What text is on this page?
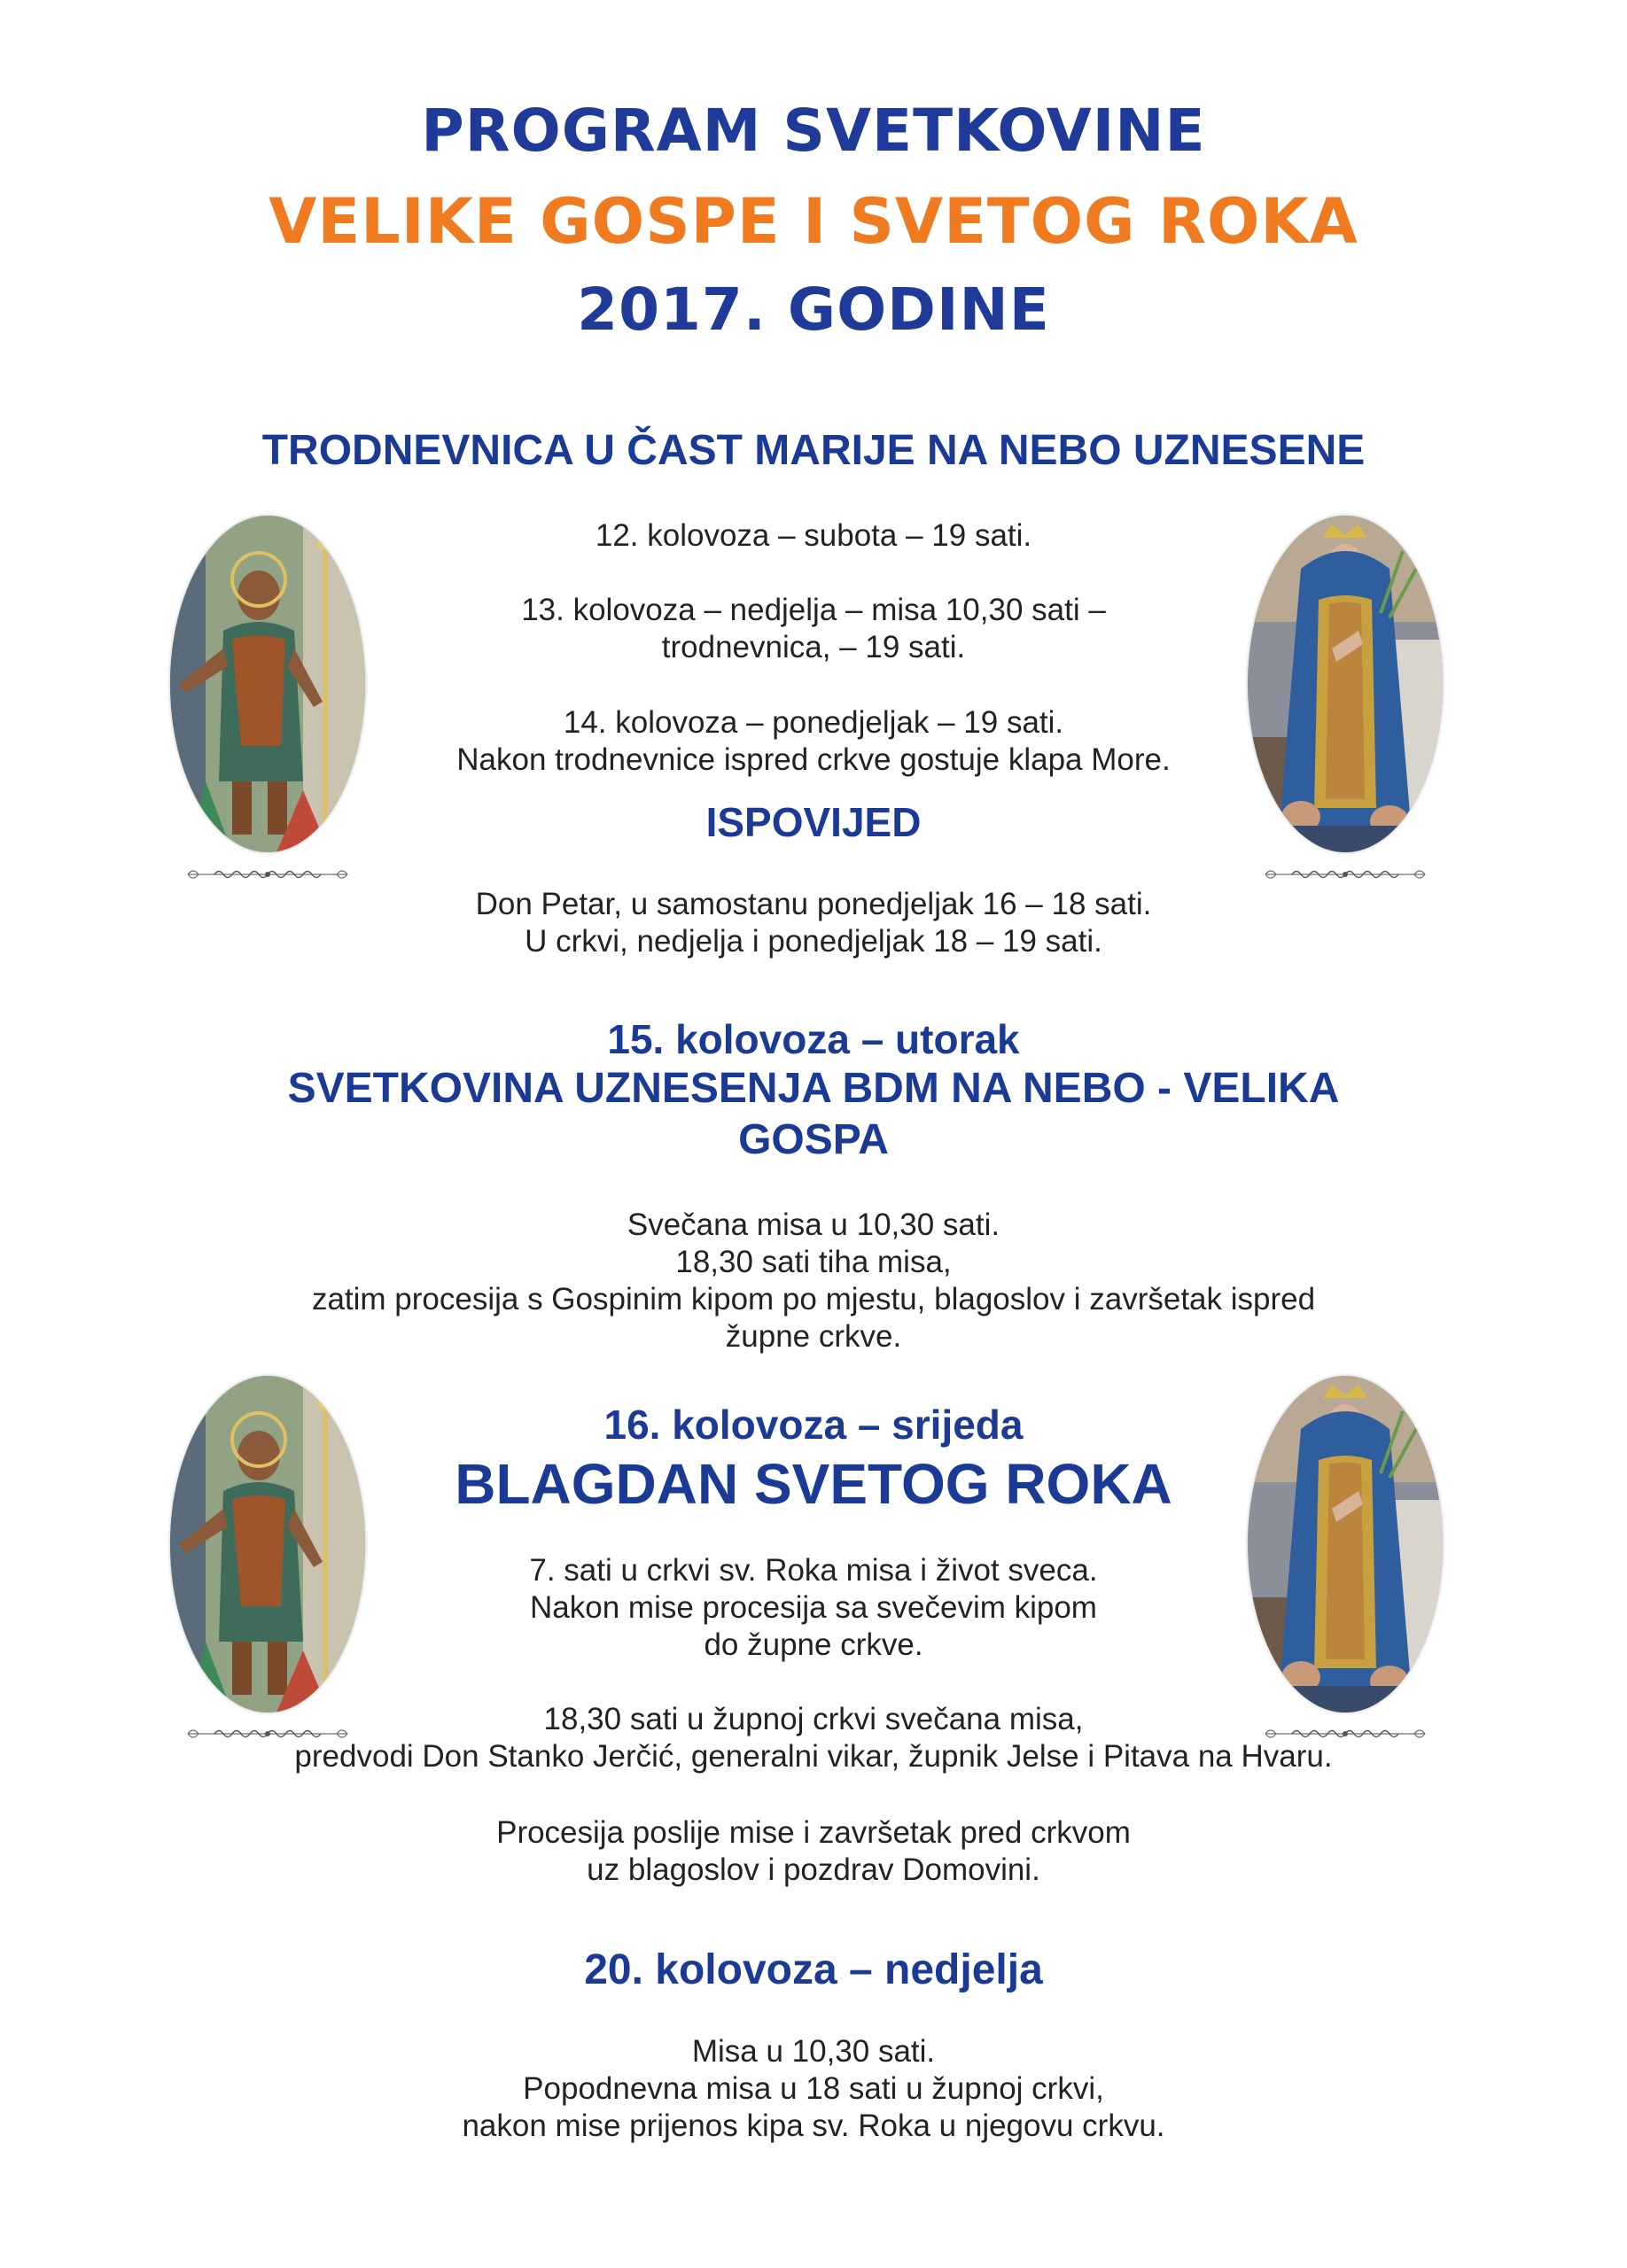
PROGRAM SVETKOVINE
VELIKE GOSPE I SVETOG ROKA
2017. GODINE
TRODNEVNICA U ČAST MARIJE NA NEBO UZNESENE

12. kolovoza – subota – 19 sati.

13. kolovoza – nedjelja – misa 10,30 sati –

trodnevnica, – 19 sati.

14. kolovoza – ponedjeljak – 19 sati.

Nakon trodnevnice ispred crkve gostuje klapa More.

ISPOVIJED

Don Petar, u samostanu ponedjeljak 16 – 18 sati.

U crkvi, nedjelja i ponedjeljak 18 – 19 sati.

15. kolovoza – utorak
SVETKOVINA UZNESENJA BDM NA NEBO - VELIKA
GOSPA

Svečana misa u 10,30 sati.

18,30 sati tiha misa,

zatim procesija s Gospinim kipom po mjestu, blagoslov i završetak ispred

župne crkve.

16. kolovoza – srijeda
BLAGDAN SVETOG ROKA

7. sati u crkvi sv. Roka misa i život sveca.

Nakon mise procesija sa svečevim kipom

do župne crkve.

18,30 sati u župnoj crkvi svečana misa,

predvodi Don Stanko Jerčić, generalni vikar, župnik Jelse i Pitava na Hvaru.

Procesija poslije mise i završetak pred crkvom

uz blagoslov i pozdrav Domovini.

20. kolovoza – nedjelja

Misa u 10,30 sati.

Popodnevna misa u 18 sati u župnoj crkvi,

nakon mise prijenos kipa sv. Roka u njegovu crkvu.
